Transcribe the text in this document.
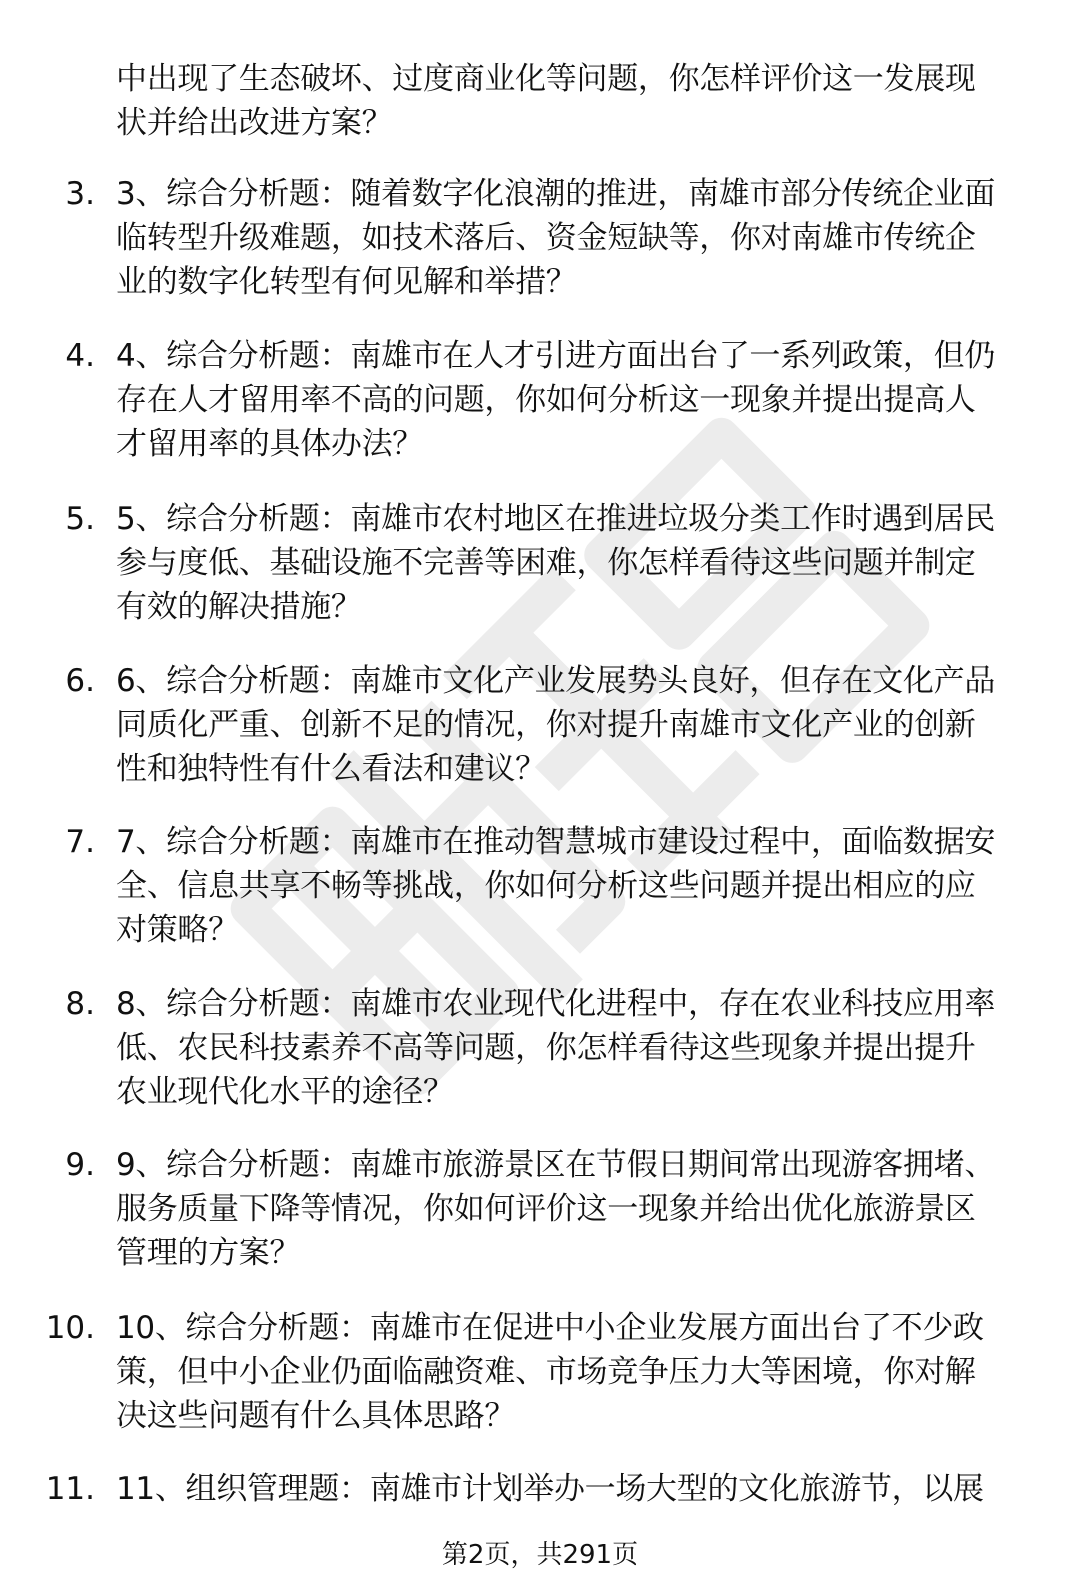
中出现了生态破坏、过度商业化等问题，你怎样评价这一发展现
状并给出改进方案？
3. 3、综合分析题：随着数字化浪潮的推进，南雄市部分传统企业面
临转型升级难题，如技术落后、资金短缺等，你对南雄市传统企
业的数字化转型有何见解和举措？
4. 4、综合分析题：南雄市在人才引进方面出台了一系列政策，但仍
存在人才留用率不高的问题，你如何分析这一现象并提出提高人
才留用率的具体办法？
5. 5、综合分析题：南雄市农村地区在推进垃圾分类工作时遇到居民
参与度低、基础设施不完善等困难，你怎样看待这些问题并制定
有效的解决措施？
6. 6、综合分析题：南雄市文化产业发展势头良好，但存在文化产品
同质化严重、创新不足的情况，你对提升南雄市文化产业的创新
性和独特性有什么看法和建议？
7. 7、综合分析题：南雄市在推动智慧城市建设过程中，面临数据安
全、信息共享不畅等挑战，你如何分析这些问题并提出相应的应
对策略？
8. 8、综合分析题：南雄市农业现代化进程中，存在农业科技应用率
低、农民科技素养不高等问题，你怎样看待这些现象并提出提升
农业现代化水平的途径？
9. 9、综合分析题：南雄市旅游景区在节假日期间常出现游客拥堵、
服务质量下降等情况，你如何评价这一现象并给出优化旅游景区
管理的方案？
10. 10、综合分析题：南雄市在促进中小企业发展方面出台了不少政
策，但中小企业仍面临融资难、市场竞争压力大等困境，你对解
决这些问题有什么具体思路？
11. 11、组织管理题：南雄市计划举办一场大型的文化旅游节，以展
第2页，共291页
